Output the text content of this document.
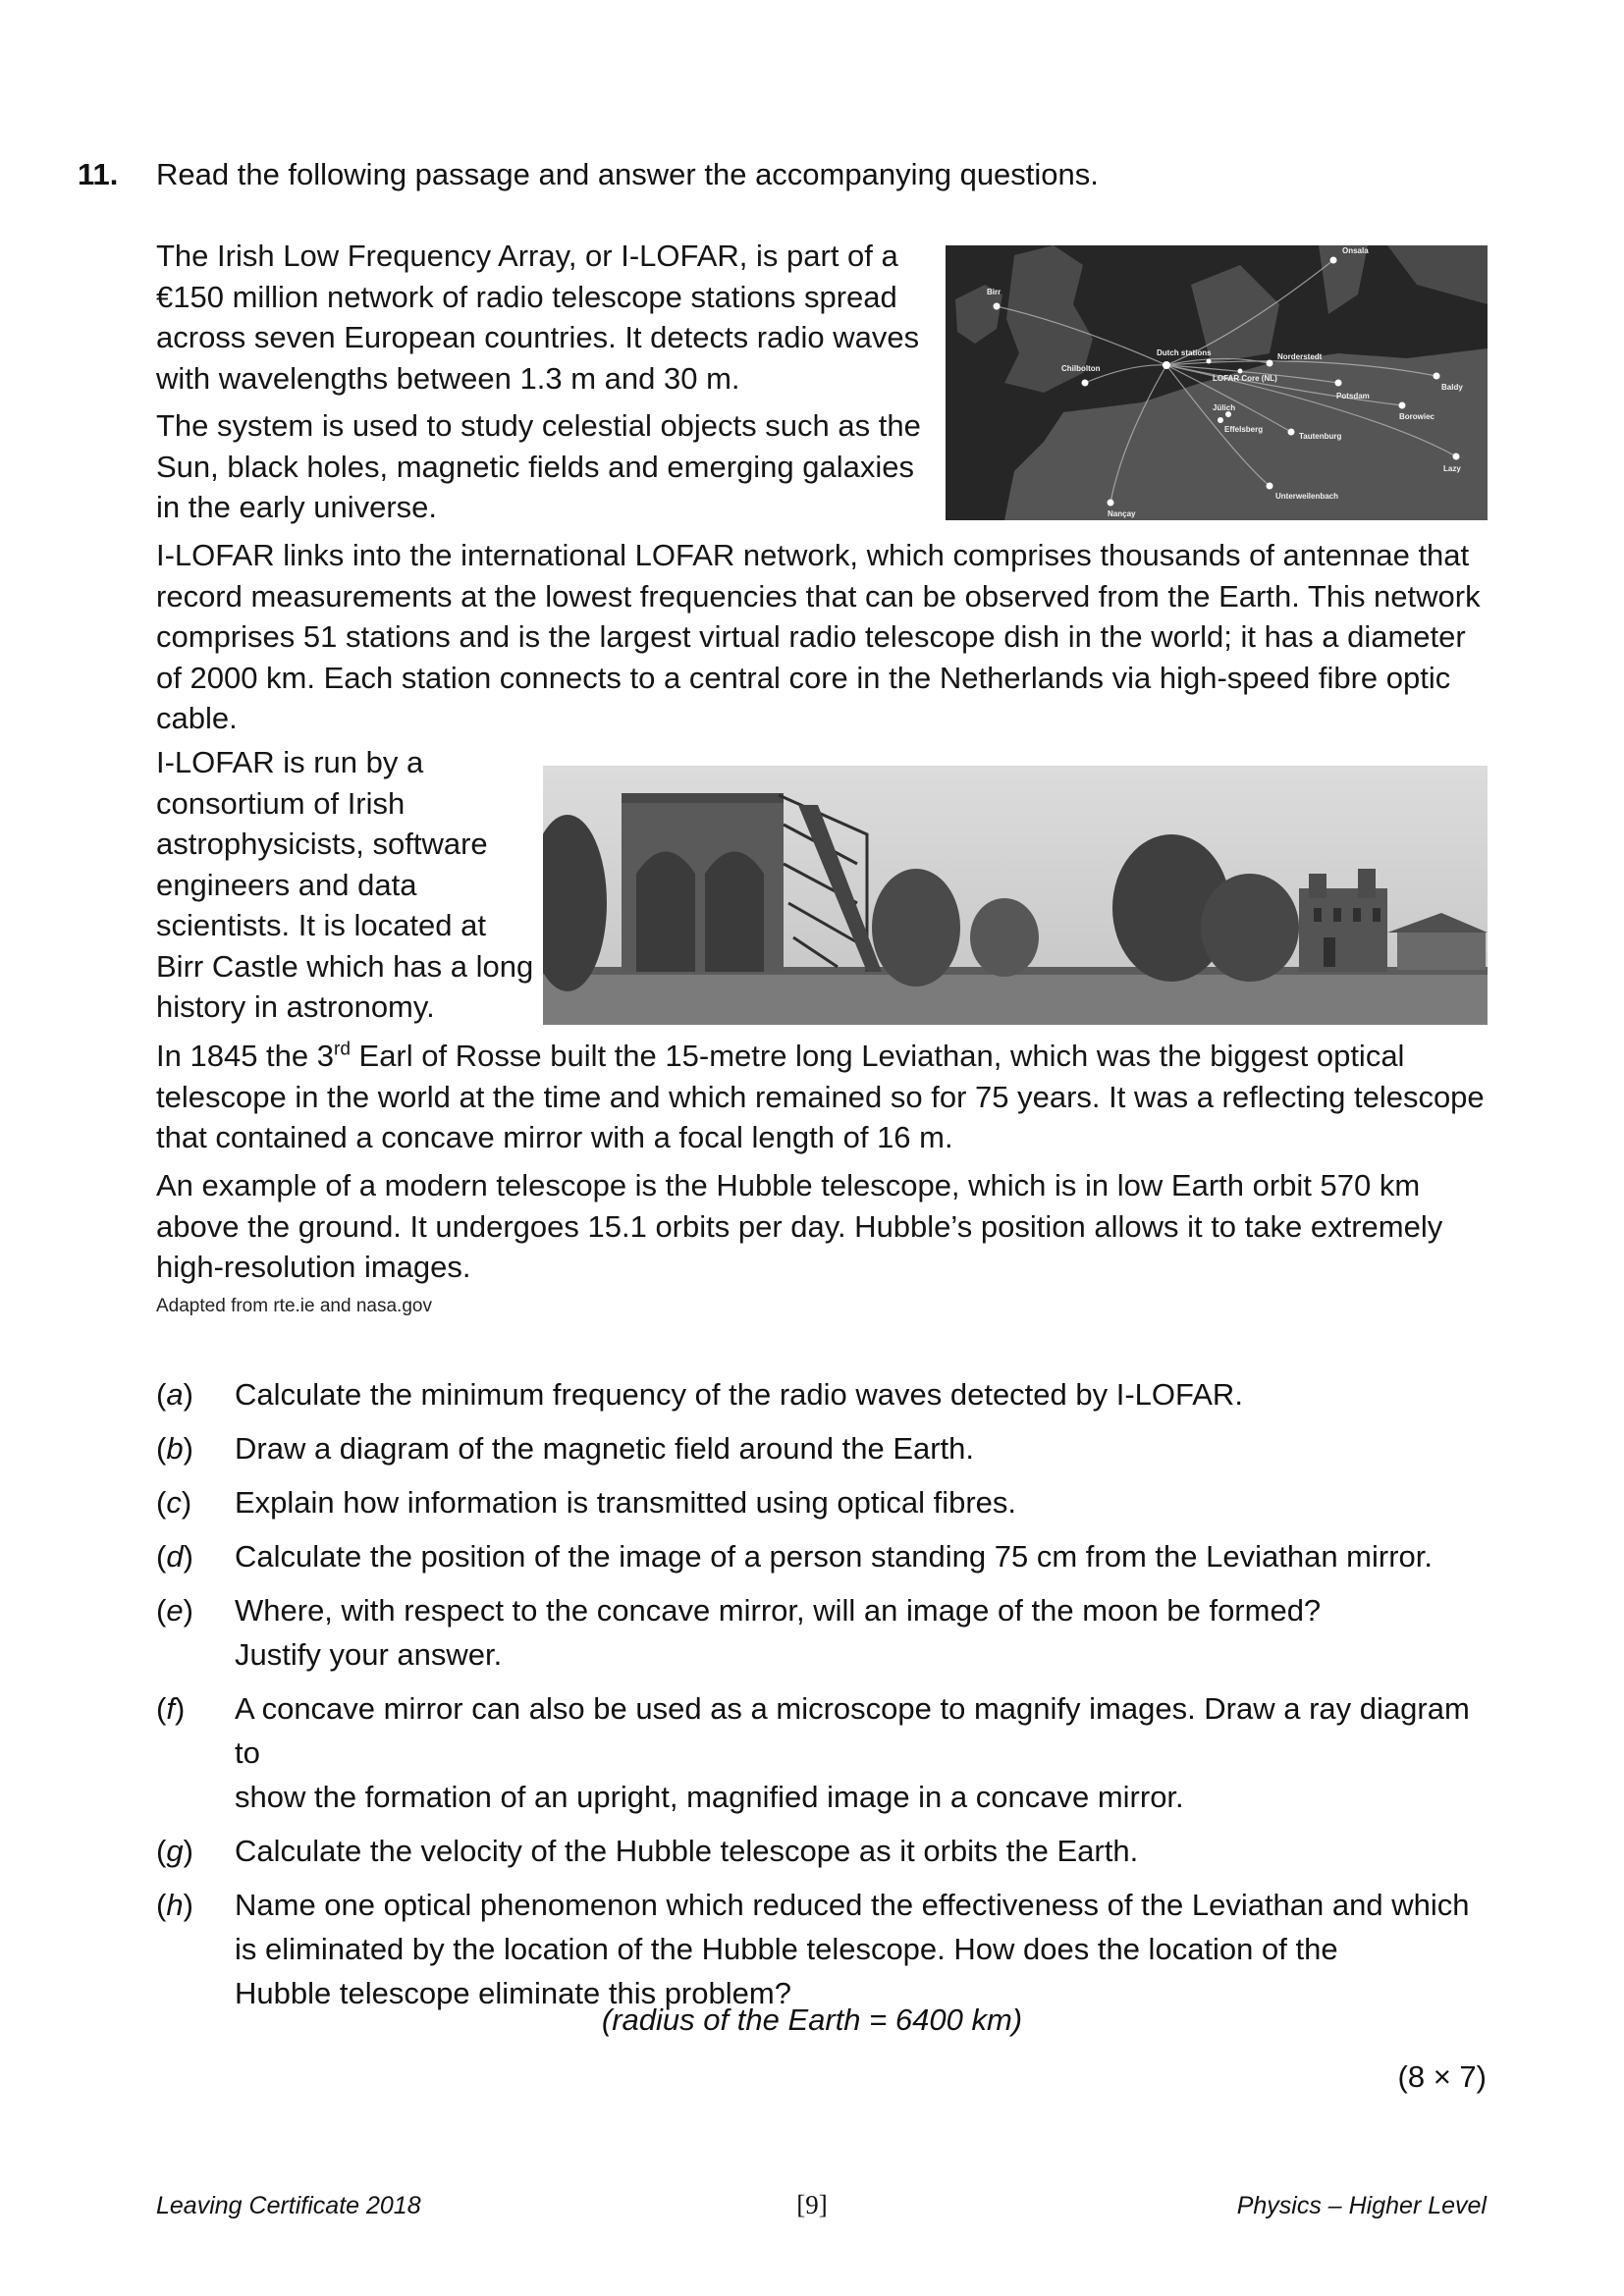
11. Read the following passage and answer the accompanying questions.

The Irish Low Frequency Array, or I-LOFAR, is part of a €150 million network of radio telescope stations spread across seven European countries. It detects radio waves with wavelengths between 1.3 m and 30 m.

The system is used to study celestial objects such as the Sun, black holes, magnetic fields and emerging galaxies in the early universe.

Birr
Chilbolton
Dutch stations
LOFAR Core (NL)
Norderstedt
Onsala
Potsdam
Baldy
Borowiec
Jülich
Effelsberg
Tautenburg
Lazy
Unterweilenbach
Nançay

I-LOFAR links into the international LOFAR network, which comprises thousands of antennae that record measurements at the lowest frequencies that can be observed from the Earth. This network comprises 51 stations and is the largest virtual radio telescope dish in the world; it has a diameter of 2000 km. Each station connects to a central core in the Netherlands via high-speed fibre optic cable.

I-LOFAR is run by a consortium of Irish astrophysicists, software engineers and data scientists. It is located at Birr Castle which has a long history in astronomy.

In 1845 the 3rd Earl of Rosse built the 15-metre long Leviathan, which was the biggest optical telescope in the world at the time and which remained so for 75 years. It was a reflecting telescope that contained a concave mirror with a focal length of 16 m.

An example of a modern telescope is the Hubble telescope, which is in low Earth orbit 570 km above the ground. It undergoes 15.1 orbits per day. Hubble’s position allows it to take extremely high-resolution images.

Adapted from rte.ie and nasa.gov

(a)	Calculate the minimum frequency of the radio waves detected by I-LOFAR.
(b)	Draw a diagram of the magnetic field around the Earth.
(c)	Explain how information is transmitted using optical fibres.
(d)	Calculate the position of the image of a person standing 75 cm from the Leviathan mirror.
(e)	Where, with respect to the concave mirror, will an image of the moon be formed?
Justify your answer.
(f)	A concave mirror can also be used as a microscope to magnify images. Draw a ray diagram to
show the formation of an upright, magnified image in a concave mirror.
(g)	Calculate the velocity of the Hubble telescope as it orbits the Earth.
(h)	Name one optical phenomenon which reduced the effectiveness of the Leviathan and which
is eliminated by the location of the Hubble telescope. How does the location of the
Hubble telescope eliminate this problem?

(radius of the Earth = 6400 km)

(8 × 7)

Leaving Certificate 2018	[9]	Physics – Higher Level
